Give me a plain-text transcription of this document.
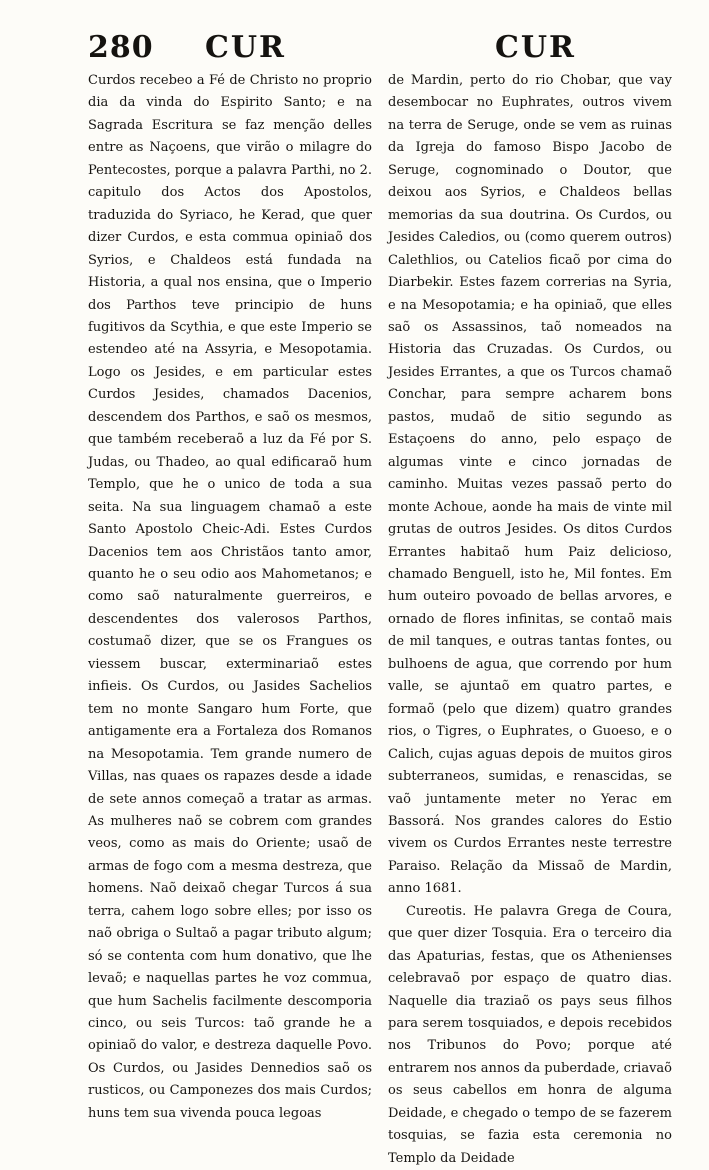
280 CUR	CUR

Curdos recebeo a Fé de Christo no proprio dia da vinda do Espirito Santo; e na Sagrada Escritura se faz menção delles entre as Naçoens, que virão o milagre do Pentecostes, porque a palavra Parthi, no 2. capitulo dos Actos dos Apostolos, traduzida do Syriaco, he Kerad, que quer dizer Curdos, e esta commua opiniaõ dos Syrios, e Chaldeos está fundada na Historia, a qual nos ensina, que o Imperio dos Parthos teve principio de huns fugitivos da Scythia, e que este Imperio se estendeo até na Assyria, e Mesopotamia. Logo os Jesides, e em particular estes Curdos Jesides, chamados Dacenios, descendem dos Parthos, e saõ os mesmos, que também receberaõ a luz da Fé por S. Judas, ou Thadeo, ao qual edificaraõ hum Templo, que he o unico de toda a sua seita. Na sua linguagem chamaõ a este Santo Apostolo Cheic-Adi. Estes Curdos Dacenios tem aos Christãos tanto amor, quanto he o seu odio aos Mahometanos; e como saõ naturalmente guerreiros, e descendentes dos valerosos Parthos, costumaõ dizer, que se os Frangues os viessem buscar, exterminariaõ estes infieis. Os Curdos, ou Jasides Sachelios tem no monte Sangaro hum Forte, que antigamente era a Fortaleza dos Romanos na Mesopotamia. Tem grande numero de Villas, nas quaes os rapazes desde a idade de sete annos começaõ a tratar as armas. As mulheres naõ se cobrem com grandes veos, como as mais do Oriente; usaõ de armas de fogo com a mesma destreza, que homens. Naõ deixaõ chegar Turcos á sua terra, cahem logo sobre elles; por isso os naõ obriga o Sultaõ a pagar tributo algum; só se contenta com hum donativo, que lhe levaõ; e naquellas partes he voz commua, que hum Sachelis facilmente descomporia cinco, ou seis Turcos: taõ grande he a opiniaõ do valor, e destreza daquelle Povo. Os Curdos, ou Jasides Dennedios saõ os rusticos, ou Camponezes dos mais Curdos; huns tem sua vivenda pouca legoas

de Mardin, perto do rio Chobar, que vay desembocar no Euphrates, outros vivem na terra de Seruge, onde se vem as ruinas da Igreja do famoso Bispo Jacobo de Seruge, cognominado o Doutor, que deixou aos Syrios, e Chaldeos bellas memorias da sua doutrina. Os Curdos, ou Jesides Caledios, ou (como querem outros) Calethlios, ou Catelios ficaõ por cima do Diarbekir. Estes fazem correrias na Syria, e na Mesopotamia; e ha opiniaõ, que elles saõ os Assassinos, taõ nomeados na Historia das Cruzadas. Os Curdos, ou Jesides Errantes, a que os Turcos chamaõ Conchar, para sempre acharem bons pastos, mudaõ de sitio segundo as Estaçoens do anno, pelo espaço de algumas vinte e cinco jornadas de caminho. Muitas vezes passaõ perto do monte Achoue, aonde ha mais de vinte mil grutas de outros Jesides. Os ditos Curdos Errantes habitaõ hum Paiz delicioso, chamado Benguell, isto he, Mil fontes. Em hum outeiro povoado de bellas arvores, e ornado de flores infinitas, se contaõ mais de mil tanques, e outras tantas fontes, ou bulhoens de agua, que correndo por hum valle, se ajuntaõ em quatro partes, e formaõ (pelo que dizem) quatro grandes rios, o Tigres, o Euphrates, o Guoeso, e o Calich, cujas aguas depois de muitos giros subterraneos, sumidas, e renascidas, se vaõ juntamente meter no Yerac em Bassorá. Nos grandes calores do Estio vivem os Curdos Errantes neste terrestre Paraiso. Relação da Missaõ de Mardin, anno 1681.

Cureotis. He palavra Grega de Coura, que quer dizer Tosquia. Era o terceiro dia das Apaturias, festas, que os Athenienses celebravaõ por espaço de quatro dias. Naquelle dia traziaõ os pays seus filhos para serem tosquiados, e depois recebidos nos Tribunos do Povo; porque até entrarem nos annos da puberdade, criavaõ os seus cabellos em honra de alguma Deidade, e chegado o tempo de se fazerem tosquias, se fazia esta ceremonia no Templo da Deidade
